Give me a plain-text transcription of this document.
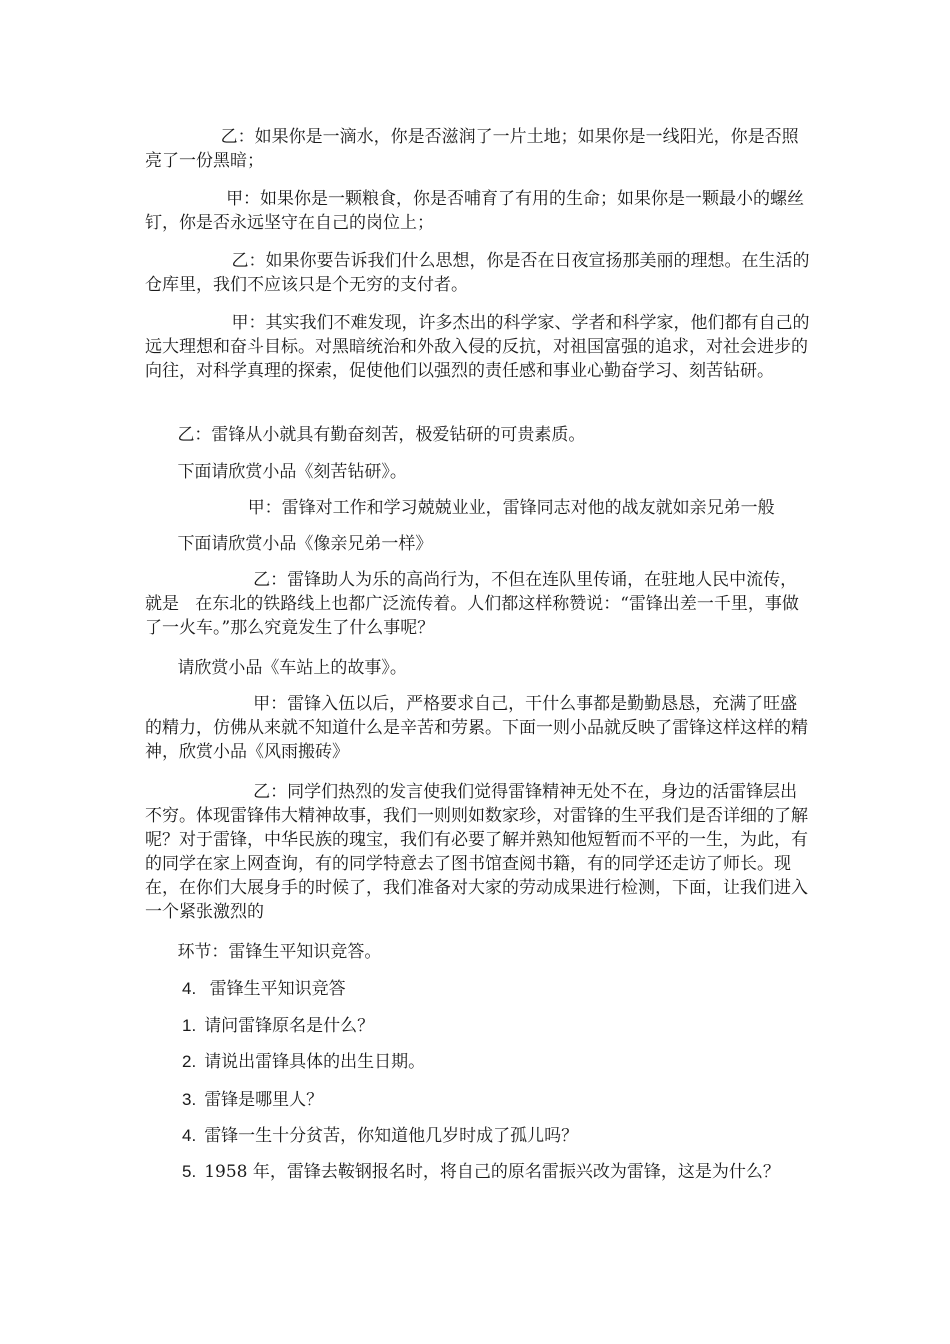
乙：如果你是一滴水，你是否滋润了一片土地；如果你是一线阳光，你是否照亮了一份黑暗；

甲：如果你是一颗粮食，你是否哺育了有用的生命；如果你是一颗最小的螺丝钉，你是否永远坚守在自己的岗位上；

乙：如果你要告诉我们什么思想，你是否在日夜宣扬那美丽的理想。在生活的仓库里，我们不应该只是个无穷的支付者。

甲：其实我们不难发现，许多杰出的科学家、学者和科学家，他们都有自己的远大理想和奋斗目标。对黑暗统治和外敌入侵的反抗，对祖国富强的追求，对社会进步的向往，对科学真理的探索，促使他们以强烈的责任感和事业心勤奋学习、刻苦钻研。

乙：雷锋从小就具有勤奋刻苦，极爱钻研的可贵素质。

下面请欣赏小品《刻苦钻研》。

甲：雷锋对工作和学习兢兢业业，雷锋同志对他的战友就如亲兄弟一般

下面请欣赏小品《像亲兄弟一样》

乙：雷锋助人为乐的高尚行为，不但在连队里传诵，在驻地人民中流传，就是   在东北的铁路线上也都广泛流传着。人们都这样称赞说：“雷锋出差一千里，事做了一火车。”那么究竟发生了什么事呢？

请欣赏小品《车站上的故事》。

甲：雷锋入伍以后，严格要求自己，干什么事都是勤勤恳恳，充满了旺盛的精力，仿佛从来就不知道什么是辛苦和劳累。下面一则小品就反映了雷锋这样这样的精神，欣赏小品《风雨搬砖》

乙：同学们热烈的发言使我们觉得雷锋精神无处不在，身边的活雷锋层出不穷。体现雷锋伟大精神故事，我们一则则如数家珍，对雷锋的生平我们是否详细的了解呢？对于雷锋，中华民族的瑰宝，我们有必要了解并熟知他短暂而不平的一生，为此，有的同学在家上网查询，有的同学特意去了图书馆查阅书籍，有的同学还走访了师长。现在，在你们大展身手的时候了，我们准备对大家的劳动成果进行检测，下面，让我们进入一个紧张激烈的

环节：雷锋生平知识竞答。

4. 雷锋生平知识竞答

1. 请问雷锋原名是什么？

2. 请说出雷锋具体的出生日期。

3. 雷锋是哪里人？

4. 雷锋一生十分贫苦，你知道他几岁时成了孤儿吗？

5. 1958 年，雷锋去鞍钢报名时，将自己的原名雷振兴改为雷锋，这是为什么？
